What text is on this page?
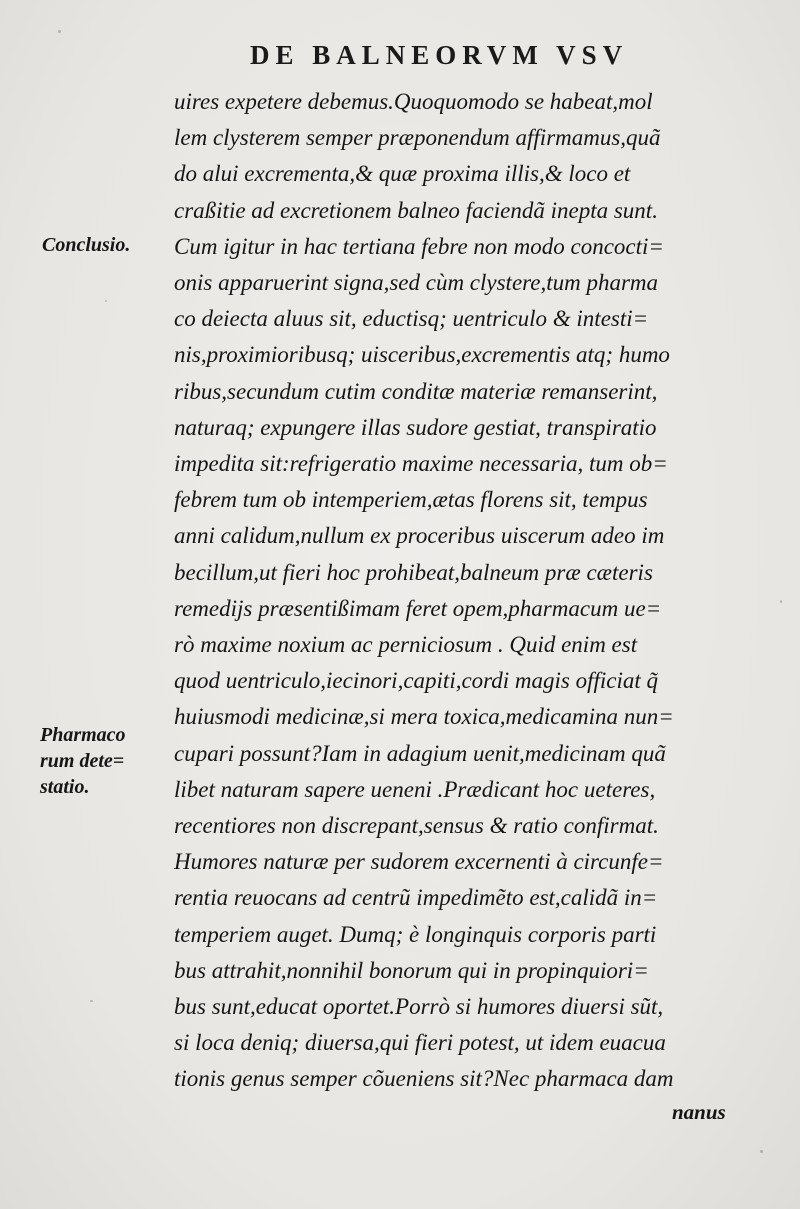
DE BALNEORVM VSV
Conclusio.
Pharmaco
rum dete=
statio.
uires expetere debemus.Quoquomodo se habeat,mol
lem clysterem semper præponendum affirmamus,quã
do alui excrementa,& quæ proxima illis,& loco et
craßitie ad excretionem balneo faciendã inepta sunt.
Cum igitur in hac tertiana febre non modo concocti=
onis apparuerint signa,sed cùm clystere,tum pharma
co deiecta aluus sit, eductisq; uentriculo & intesti=
nis,proximioribusq; uisceribus,excrementis atq; humo
ribus,secundum cutim conditæ materiæ remanserint,
naturaq; expungere illas sudore gestiat, transpiratio
impedita sit:refrigeratio maxime necessaria, tum ob=
febrem tum ob intemperiem,ætas florens sit, tempus
anni calidum,nullum ex proceribus uiscerum adeo im
becillum,ut fieri hoc prohibeat,balneum præ cæteris
remedijs præsentißimam feret opem,pharmacum ue=
rò maxime noxium ac perniciosum . Quid enim est
quod uentriculo,iecinori,capiti,cordi magis officiat q̃
huiusmodi medicinæ,si mera toxica,medicamina nun=
cupari possunt?Iam in adagium uenit,medicinam quã
libet naturam sapere ueneni .Prædicant hoc ueteres,
recentiores non discrepant,sensus & ratio confirmat.
Humores naturæ per sudorem excernenti à circunfe=
rentia reuocans ad centrũ impedimẽto est,calidã in=
temperiem auget. Dumq; è longinquis corporis parti
bus attrahit,nonnihil bonorum qui in propinquiori=
bus sunt,educat oportet.Porrò si humores diuersi sũt,
si loca deniq; diuersa,qui fieri potest, ut idem euacua
tionis genus semper cõueniens sit?Nec pharmaca dam
nanus
